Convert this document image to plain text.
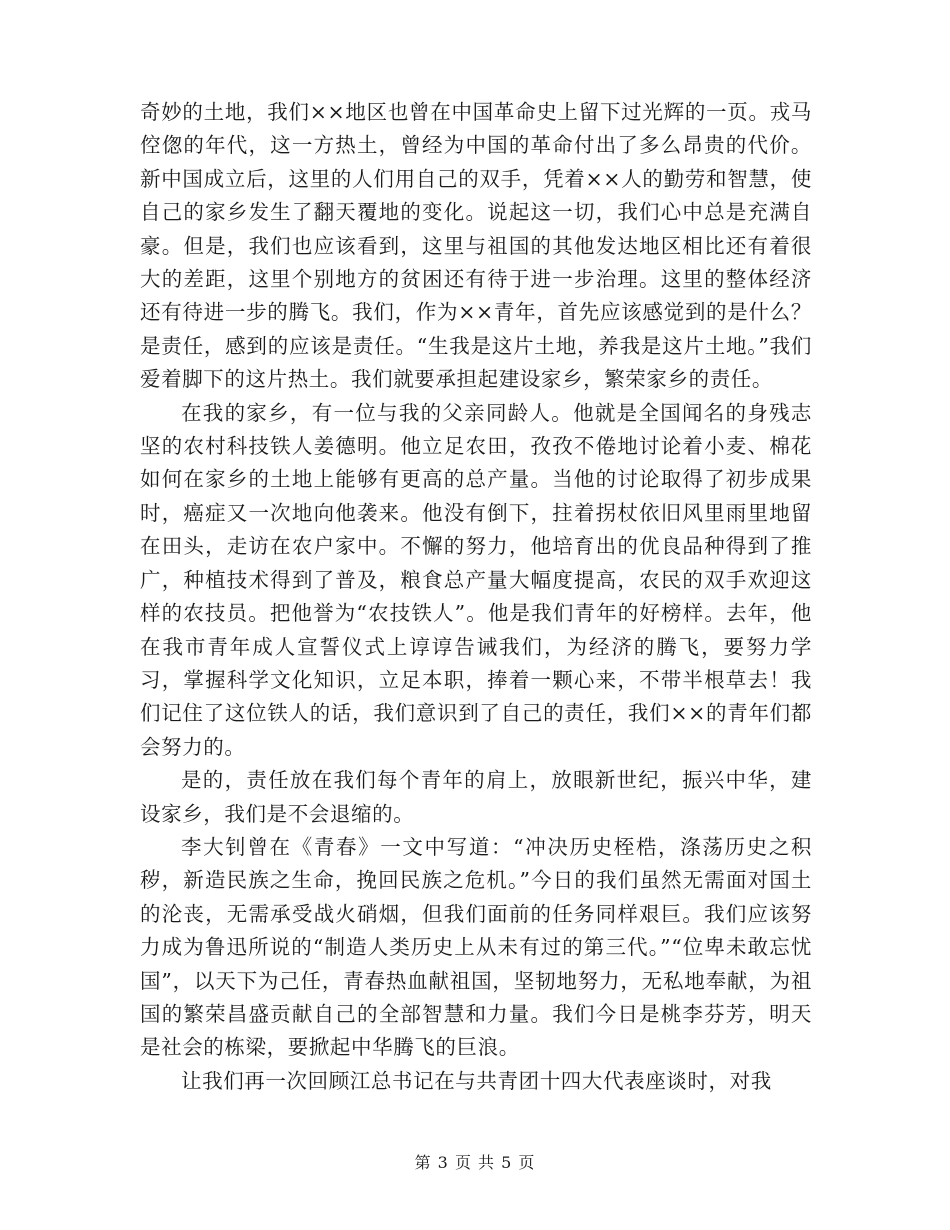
奇妙的土地，我们××地区也曾在中国革命史上留下过光辉的一页。戎马倥偬的年代，这一方热土，曾经为中国的革命付出了多么昂贵的代价。新中国成立后，这里的人们用自己的双手，凭着××人的勤劳和智慧，使自己的家乡发生了翻天覆地的变化。说起这一切，我们心中总是充满自豪。但是，我们也应该看到，这里与祖国的其他发达地区相比还有着很大的差距，这里个别地方的贫困还有待于进一步治理。这里的整体经济还有待进一步的腾飞。我们，作为××青年，首先应该感觉到的是什么？是责任，感到的应该是责任。“生我是这片土地，养我是这片土地。”我们爱着脚下的这片热土。我们就要承担起建设家乡，繁荣家乡的责任。

在我的家乡，有一位与我的父亲同龄人。他就是全国闻名的身残志坚的农村科技铁人姜德明。他立足农田，孜孜不倦地讨论着小麦、棉花如何在家乡的土地上能够有更高的总产量。当他的讨论取得了初步成果时，癌症又一次地向他袭来。他没有倒下，拄着拐杖依旧风里雨里地留在田头，走访在农户家中。不懈的努力，他培育出的优良品种得到了推广，种植技术得到了普及，粮食总产量大幅度提高，农民的双手欢迎这样的农技员。把他誉为“农技铁人”。他是我们青年的好榜样。去年，他在我市青年成人宣誓仪式上谆谆告诫我们，为经济的腾飞，要努力学习，掌握科学文化知识，立足本职，捧着一颗心来，不带半根草去！我们记住了这位铁人的话，我们意识到了自己的责任，我们××的青年们都会努力的。

是的，责任放在我们每个青年的肩上，放眼新世纪，振兴中华，建设家乡，我们是不会退缩的。

李大钊曾在《青春》一文中写道：“冲决历史桎梏，涤荡历史之积秽，新造民族之生命，挽回民族之危机。”今日的我们虽然无需面对国土的沦丧，无需承受战火硝烟，但我们面前的任务同样艰巨。我们应该努力成为鲁迅所说的“制造人类历史上从未有过的第三代。”“位卑未敢忘忧国”，以天下为己任，青春热血献祖国，坚韧地努力，无私地奉献，为祖国的繁荣昌盛贡献自己的全部智慧和力量。我们今日是桃李芬芳，明天是社会的栋梁，要掀起中华腾飞的巨浪。

让我们再一次回顾江总书记在与共青团十四大代表座谈时，对我

第 3 页 共 5 页
